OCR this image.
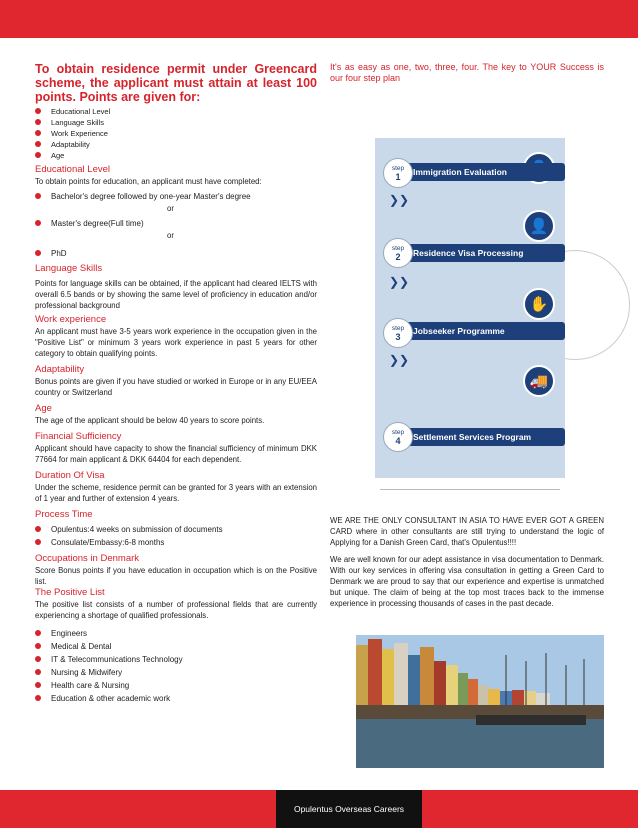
To obtain residence permit under Greencard scheme, the applicant must attain at least 100 points. Points are given for:
Educational Level
Language Skills
Work Experience
Adaptability
Age
Educational Level
To obtain points for education, an applicant must have completed:
Bachelor's degree followed by one-year Master's degree
or
Master's degree(Full time)
or
PhD
Language Skills
Points for language skills can be obtained, if the applicant had cleared IELTS with overall 6.5 bands or by showing the same level of proficiency in education and/or professional background
Work experience
An applicant must have 3-5 years work experience in the occupation given in the "Positive List" or minimum 3 years work experience in past 5 years for other category to obtain qualifying points.
Adaptability
Bonus points are given if you have studied or worked in Europe or in any EU/EEA country or Switzerland
Age
The age of the applicant should be below 40 years to score points.
Financial Sufficiency
Applicant should have capacity to show the financial sufficiency of minimum DKK 77664 for main applicant & DKK 64404 for each dependent.
Duration Of Visa
Under the scheme, residence permit can be granted for 3 years with an extension of 1 year and further of extension 4 years.
Process Time
Opulentus:4 weeks on submission of documents
Consulate/Embassy:6-8 months
Occupations in Denmark
Score Bonus points if you have education in occupation which is on the Positive list.
The Positive List
The positive list consists of a number of professional fields that are currently experiencing a shortage of qualified professionals.
Engineers
Medical & Dental
IT & Telecommunications Technology
Nursing & Midwifery
Health care & Nursing
Education & other academic work
It's as easy as one, two, three, four. The key to YOUR Success is our four step plan
Immigration Evaluation
step
1
❯❯
👤
Residence Visa Processing
step
2
❯❯
✋
Jobseeker Programme
step
3
❯❯
🚚
Settlement Services Program
step
4

WE ARE THE ONLY CONSULTANT IN ASIA TO HAVE EVER GOT A GREEN CARD where in other consultants are still trying to understand the logic of Applying for a Danish Green Card, that's Opulentus!!!!

We are well known for our adept assistance in visa documentation to Denmark. With our key services in offering visa consultation in getting a Green Card to Denmark we are proud to say that our experience and expertise is unmatched but unique. The claim of being at the top most traces back to the immense experience in processing thousands of cases in the past decade.

Opulentus Overseas Careers
